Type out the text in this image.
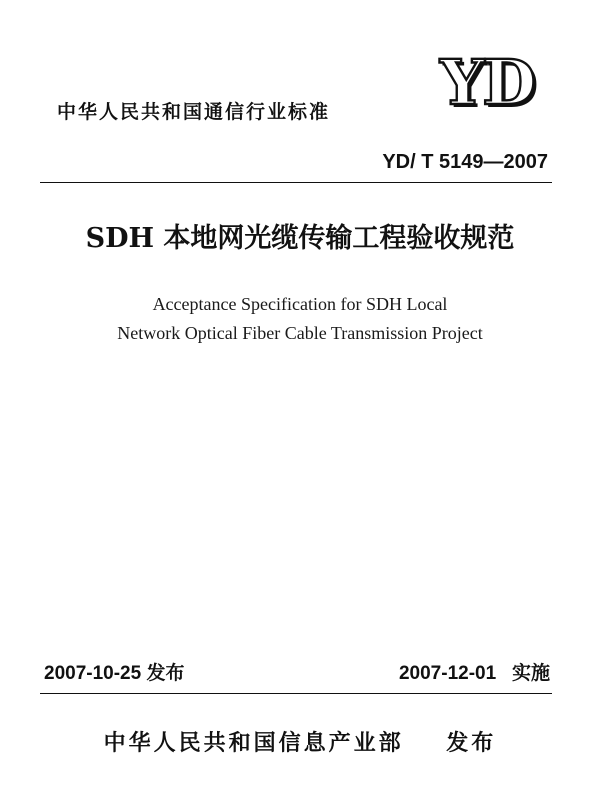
YD
中华人民共和国通信行业标准
YD/ T 5149—2007
SDH 本地网光缆传输工程验收规范
Acceptance Specification for SDH Local
Network Optical Fiber Cable Transmission Project
2007-10-25 发布	2007-12-01   实施
中华人民共和国信息产业部    发布
